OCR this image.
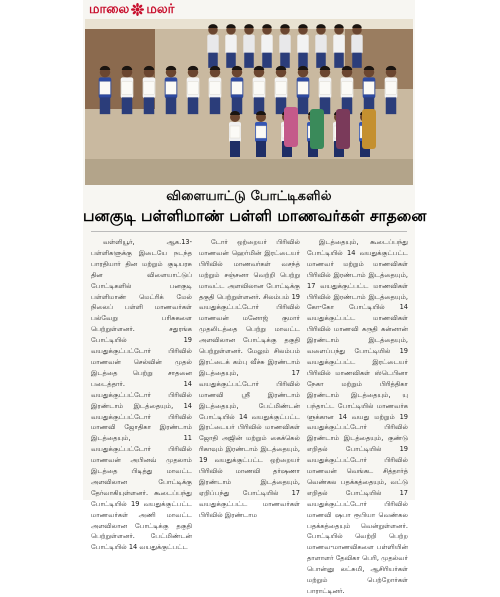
மாலை மலர்
விளையாட்டு போட்டிகளில்
பனகுடி பள்ளிமாண் பள்ளி மாணவர்கள் சாதனை

வள்ளியூர், ஆக.13- பள்ளிகளுக்கு இடையே நடந்த பாரதியார் தின மற்றும் குடியரசு தின விளையாட்டுப் போட்டிகளில் பனகுடி பள்ளிமாண் மெட்ரிக் மேல் நிலைப் பள்ளி மாணவர்கள் பல்வேறு பரிசுகளை பெற்றுள்ளனர். சதுரங்க போட்டியில் 19 வயதுக்குட்பட்டோர் பிரிவில் மாணவன் செல்வின் முதல் இடத்தை பெற்று சாதனை படைத்தார். 14 வயதுக்குட்பட்டோர் பிரிவில் இரண்டாம் இடத்தையும், 14 வயதுக்குட்பட்டோர் பிரிவில் மாணவி ஜோதிகா இரண்டாம் இடத்தையும், 11 வயதுக்குட்பட்டோர் பிரிவில் மாணவன் அபினவ் முதலாம் இடத்தை பிடித்து மாவட்ட அளவிலான போட்டிக்கு தேர்வாகியுள்ளனர். கூடைப்பந்து போட்டியில் 19 வயதுக்குட்பட்ட மாணவர்கள் அணி மாவட்ட அளவிலான போட்டிக்கு தகுதி பெற்றுள்ளனர். பேட்மிண்டன் போட்டியில் 14 வயதுக்குட்பட்ட

டோர் ஒற்றையர் பிரிவில் மாணவன் ஹெர்மின் இரட்டையர் பிரிவில் மாணவர்கள் வசந்த் மற்றும் சஞ்சனா வெற்றி பெற்று மாவட்ட அளவிலான போட்டிக்கு தகுதி பெற்றுள்ளனர். சிலம்பம் 19 வயதுக்குட்பட்டோர் பிரிவில் மாணவன் மனோஜ் குமார் முதலிடத்தை பெற்று மாவட்ட அளவிலான போட்டிக்கு தகுதி பெற்றுள்ளனர். மேலும் சிலம்பம் இரட்டைக் கம்பு வீச்சு இரண்டாம் இடத்தையும், 17 வயதுக்குட்பட்டோர் பிரிவில் மாணவி ஸ்ரீ இரண்டாம் இடத்தையும், பேட்மிண்டன் போட்டியில் 14 வயதுக்குட்பட்ட இரட்டையர் பிரிவில் மாணவிகள் ஜோதி அஜின் மற்றும் கைக்கெல் ரிகாவும் இரண்டாம் இடத்தையும், 19 வயதுக்குட்பட்ட ஒற்றையர் பிரிவில் மாணவி தர்ஷணா இரண்டாம் இடத்தையும், ஏறிப்பந்து போட்டியில் 17 வயதுக்குட்பட்ட மாணவர்கள் பிரிவில் இரண்டாம

இடத்தையும், கூடைப்பந்து போட்டியில் 14 வயதுக்குட்பட்ட மாணவர் மற்றும் மாணவிகள் பிரிவில் இரண்டாம் இடத்தையும், 17 வயதுக்குட்பட்ட மாணவிகள் பிரிவில் இரண்டாம் இடத்தையும், கோ-கோ போட்டியில் 14 வயதுக்குட்பட்ட மாணவிகள் பிரிவில் மாணவி சுருதி கன்னான் இரண்டாம் இடத்தையும், வளைப்பந்து போட்டியில் 19 வயதுக்குட்பட்ட இரட்டையர் பிரிவில் மாணவிகள் ஸ்டெபினா நேகா மற்றும் பிரித்திகா இரண்டாம் இடத்தையும், யு பந்தாட்ட போட்டியில் மாணவர்க ளுக்கான 14 வயது மற்றும் 19 வயதுக்குட்பட்டோர் பிரிவில் இரண்டாம் இடத்தையும், குண்டு எறிதல் போட்டியில் 19 வயதுக்குட்பட்டோர் பிரிவில் மாணவன் வெங்கட சித்தார்த் வெண்கல பதக்கத்தையும், வட்டு எறிதல் போட்டியில் 17 வயதுக்குட்பட்டோர் பிரிவில் மாணவி ஷபா ரூபியா வெண்கல பதக்கத்தையும் வென்றுள்ளனர். போட்டியில் வெற்றி பெற்ற மாணவ-மாணவிகளை பள்ளியின் தாளாளர் தேவிகா பெரி, முதல்வர் பொன்னு லட்சுமி, ஆசிரியர்கள் மற்றும் பெற்றோர்கள் பாராட்டினர்.
